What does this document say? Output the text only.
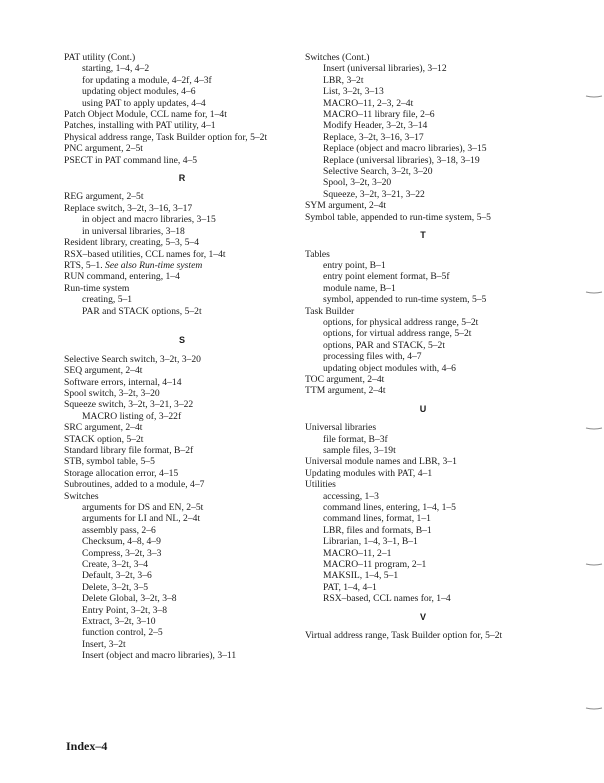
PAT utility (Cont.)

starting, 1–4, 4–2

for updating a module, 4–2f, 4–3f

updating object modules, 4–6

using PAT to apply updates, 4–4

Patch Object Module, CCL name for, 1–4t

Patches, installing with PAT utility, 4–1

Physical address range, Task Builder option for, 5–2t

PNC argument, 2–5t

PSECT in PAT command line, 4–5

R

REG argument, 2–5t

Replace switch, 3–2t, 3–16, 3–17

in object and macro libraries, 3–15

in universal libraries, 3–18

Resident library, creating, 5–3, 5–4

RSX–based utilities, CCL names for, 1–4t

RTS, 5–1. See also Run-time system

RUN command, entering, 1–4

Run-time system

creating, 5–1

PAR and STACK options, 5–2t

S

Selective Search switch, 3–2t, 3–20

SEQ argument, 2–4t

Software errors, internal, 4–14

Spool switch, 3–2t, 3–20

Squeeze switch, 3–2t, 3–21, 3–22

MACRO listing of, 3–22f

SRC argument, 2–4t

STACK option, 5–2t

Standard library file format, B–2f

STB, symbol table, 5–5

Storage allocation error, 4–15

Subroutines, added to a module, 4–7

Switches

arguments for DS and EN, 2–5t

arguments for LI and NL, 2–4t

assembly pass, 2–6

Checksum, 4–8, 4–9

Compress, 3–2t, 3–3

Create, 3–2t, 3–4

Default, 3–2t, 3–6

Delete, 3–2t, 3–5

Delete Global, 3–2t, 3–8

Entry Point, 3–2t, 3–8

Extract, 3–2t, 3–10

function control, 2–5

Insert, 3–2t

Insert (object and macro libraries), 3–11

Switches (Cont.)

Insert (universal libraries), 3–12

LBR, 3–2t

List, 3–2t, 3–13

MACRO–11, 2–3, 2–4t

MACRO–11 library file, 2–6

Modify Header, 3–2t, 3–14

Replace, 3–2t, 3–16, 3–17

Replace (object and macro libraries), 3–15

Replace (universal libraries), 3–18, 3–19

Selective Search, 3–2t, 3–20

Spool, 3–2t, 3–20

Squeeze, 3–2t, 3–21, 3–22

SYM argument, 2–4t

Symbol table, appended to run-time system, 5–5

T

Tables

entry point, B–1

entry point element format, B–5f

module name, B–1

symbol, appended to run-time system, 5–5

Task Builder

options, for physical address range, 5–2t

options, for virtual address range, 5–2t

options, PAR and STACK, 5–2t

processing files with, 4–7

updating object modules with, 4–6

TOC argument, 2–4t

TTM argument, 2–4t

U

Universal libraries

file format, B–3f

sample files, 3–19t

Universal module names and LBR, 3–1

Updating modules with PAT, 4–1

Utilities

accessing, 1–3

command lines, entering, 1–4, 1–5

command lines, format, 1–1

LBR, files and formats, B–1

Librarian, 1–4, 3–1, B–1

MACRO–11, 2–1

MACRO–11 program, 2–1

MAKSIL, 1–4, 5–1

PAT, 1–4, 4–1

RSX–based, CCL names for, 1–4

V

Virtual address range, Task Builder option for, 5–2t

Index–4
